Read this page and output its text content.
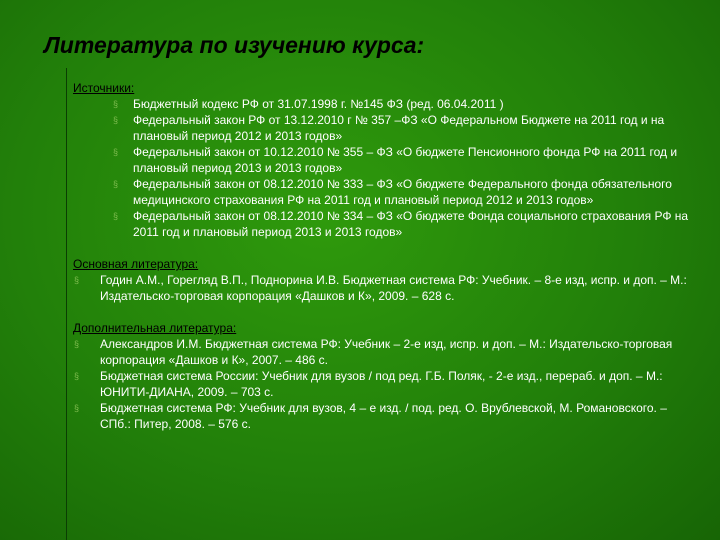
Литература по изучению курса:
Источники:
§ Бюджетный кодекс РФ от 31.07.1998 г. №145 ФЗ (ред. 06.04.2011 )
§ Федеральный закон РФ от 13.12.2010 г № 357 –ФЗ «О Федеральном Бюджете на 2011 год и на плановый период 2012 и 2013 годов»
§ Федеральный закон от 10.12.2010 № 355 – ФЗ «О бюджете Пенсионного фонда РФ на 2011 год и плановый период 2013 и 2013 годов»
§ Федеральный закон от 08.12.2010 № 333 – ФЗ «О бюджете Федерального фонда обязательного медицинского страхования РФ на 2011 год и плановый период 2012 и 2013 годов»
§ Федеральный закон от 08.12.2010 № 334 – ФЗ «О бюджете Фонда социального страхования РФ на 2011 год и плановый период 2013 и 2013 годов»
Основная литература:
§ Годин А.М., Горегляд В.П., Поднорина И.В. Бюджетная система РФ: Учебник. – 8-е изд, испр. и доп. – М.: Издательско-торговая корпорация «Дашков и К», 2009. – 628 с.
Дополнительная литература:
§ Александров И.М. Бюджетная система РФ: Учебник – 2-е изд, испр. и доп. – М.: Издательско-торговая корпорация «Дашков и К», 2007. – 486 с.
§ Бюджетная система России: Учебник для вузов / под ред. Г.Б. Поляк, - 2-е изд., перераб. и доп. – М.: ЮНИТИ-ДИАНА, 2009. – 703 с.
§ Бюджетная система РФ: Учебник для вузов, 4 – е изд. / под. ред. О. Врублевской, М. Романовского. – СПб.: Питер, 2008. – 576 с.
